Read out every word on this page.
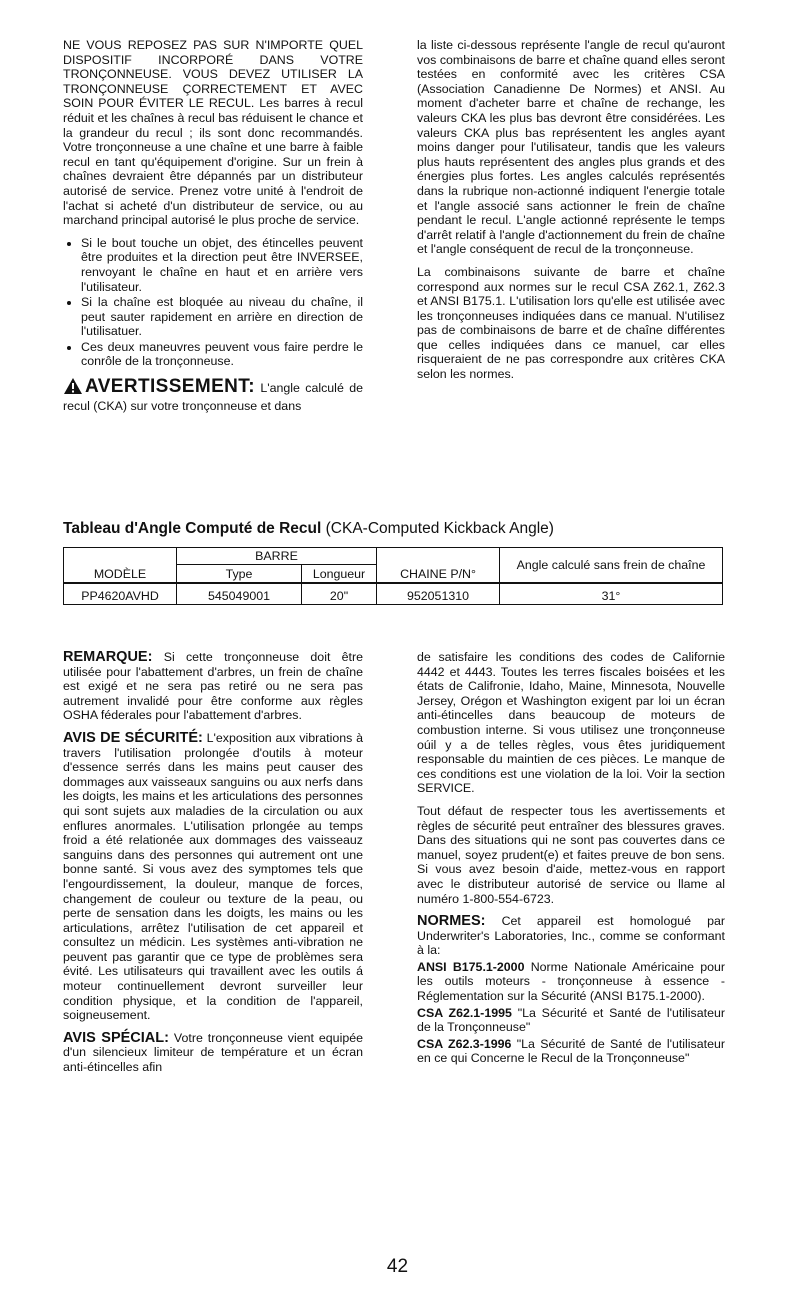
NE VOUS REPOSEZ PAS SUR N'IMPORTE QUEL DISPOSITIF INCORPORÉ DANS VOTRE TRONÇONNEUSE. VOUS DEVEZ UTILISER LA TRONÇONNEUSE ÇORRECTEMENT ET AVEC SOIN POUR ÉVITER LE RECUL. Les barres à recul réduit et les chaînes à recul bas réduisent le chance et la grandeur du recul ; ils sont donc recommandés. Votre tronçonneuse a une chaîne et une barre à faible recul en tant qu'équipement d'origine. Sur un frein à chaînes devraient être dépannés par un distributeur autorisé de service. Prenez votre unité à l'endroit de l'achat si acheté d'un distributeur de service, ou au marchand principal autorisé le plus proche de service.

• Si le bout touche un objet, des étincelles peuvent être produites et la direction peut être INVERSEE, renvoyant le chaîne en haut et en arrière vers l'utilisateur.
• Si la chaîne est bloquée au niveau du chaîne, il peut sauter rapidement en arrière en direction de l'utilisatuer.
• Ces deux maneuvres peuvent vous faire perdre le conrôle de la tronçonneuse.
AVERTISSEMENT: L'angle calculé de recul (CKA) sur votre tronçonneuse et dans

la liste ci-dessous représente l'angle de recul qu'auront vos combinaisons de barre et chaîne quand elles seront testées en conformité avec les critères CSA (Association Canadienne De Normes) et ANSI. Au moment d'acheter barre et chaîne de rechange, les valeurs CKA les plus bas devront être considérées. Les valeurs CKA plus bas représentent les angles ayant moins danger pour l'utilisateur, tandis que les valeurs plus hauts représentent des angles plus grands et des énergies plus fortes. Les angles calculés représentés dans la rubrique non-actionné indiquent l'energie totale et l'angle associé sans actionner le frein de chaîne pendant le recul. L'angle actionné représente le temps d'arrêt relatif à l'angle d'actionnement du frein de chaîne et l'angle conséquent de recul de la tronçonneuse.

La combinaisons suivante de barre et chaîne correspond aux normes sur le recul CSA Z62.1, Z62.3 et ANSI B175.1. L'utilisation lors qu'elle est utilisée avec les tronçonneuses indiquées dans ce manual. N'utilisez pas de combinaisons de barre et de chaîne différentes que celles indiquées dans ce manuel, car elles risqueraient de ne pas correspondre aux critères CKA selon les normes.

Tableau d'Angle Computé de Recul (CKA-Computed Kickback Angle)
MODÈLE	BARRE		CHAINE P/N°	Angle calculé sans frein de chaîne
	Type	Longueur		
PP4620AVHD	545049001	20"	952051310	31°

REMARQUE: Si cette tronçonneuse doit être utilisée pour l'abattement d'arbres, un frein de chaîne est exigé et ne sera pas retiré ou ne sera pas autrement invalidé pour être conforme aux règles OSHA féderales pour l'abattement d'arbres.

AVIS DE SÉCURITÉ: L'exposition aux vibrations à travers l'utilisation prolongée d'outils à moteur d'essence serrés dans les mains peut causer des dommages aux vaisseaux sanguins ou aux nerfs dans les doigts, les mains et les articulations des personnes qui sont sujets aux maladies de la circulation ou aux enflures anormales. L'utilisation prlongée au temps froid a été relationée aux dommages des vaisseauz sanguins dans des personnes qui autrement ont une bonne santé. Si vous avez des symptomes tels que l'engourdissement, la douleur, manque de forces, changement de couleur ou texture de la peau, ou perte de sensation dans les doigts, les mains ou les articulations, arrêtez l'utilisation de cet appareil et consultez un médicin. Les systèmes anti-vibration ne peuvent pas garantir que ce type de problèmes sera évité. Les utilisateurs qui travaillent avec les outils á moteur continuellement devront surveiller leur condition physique, et la condition de l'appareil, soigneusement.

AVIS SPÉCIAL: Votre tronçonneuse vient equipée d'un silencieux limiteur de température et un écran anti-étincelles afin

de satisfaire les conditions des codes de Californie 4442 et 4443. Toutes les terres fiscales boisées et les états de Califronie, Idaho, Maine, Minnesota, Nouvelle Jersey, Orégon et Washington exigent par loi un écran anti-étincelles dans beaucoup de moteurs de combustion interne. Si vous utilisez une tronçonneuse oúil y a de telles règles, vous êtes juridiquement responsable du maintien de ces pièces. Le manque de ces conditions est une violation de la loi. Voir la section SERVICE.

Tout défaut de respecter tous les avertissements et règles de sécurité peut entraîner des blessures graves. Dans des situations qui ne sont pas couvertes dans ce manuel, soyez prudent(e) et faites preuve de bon sens. Si vous avez besoin d'aide, mettez-vous en rapport avec le distributeur autorisé de service ou llame al numéro 1-800-554-6723.

NORMES: Cet appareil est homologué par Underwriter's Laboratories, Inc., comme se conformant à la:

ANSI B175.1-2000 Norme Nationale Américaine pour les outils moteurs - tronçonneuse à essence - Réglementation sur la Sécurité (ANSI B175.1-2000).

CSA Z62.1-1995 "La Sécurité et Santé de l'utilisateur de la Tronçonneuse"

CSA Z62.3-1996 "La Sécurité de Santé de l'utilisateur en ce qui Concerne le Recul de la Tronçonneuse"

42
